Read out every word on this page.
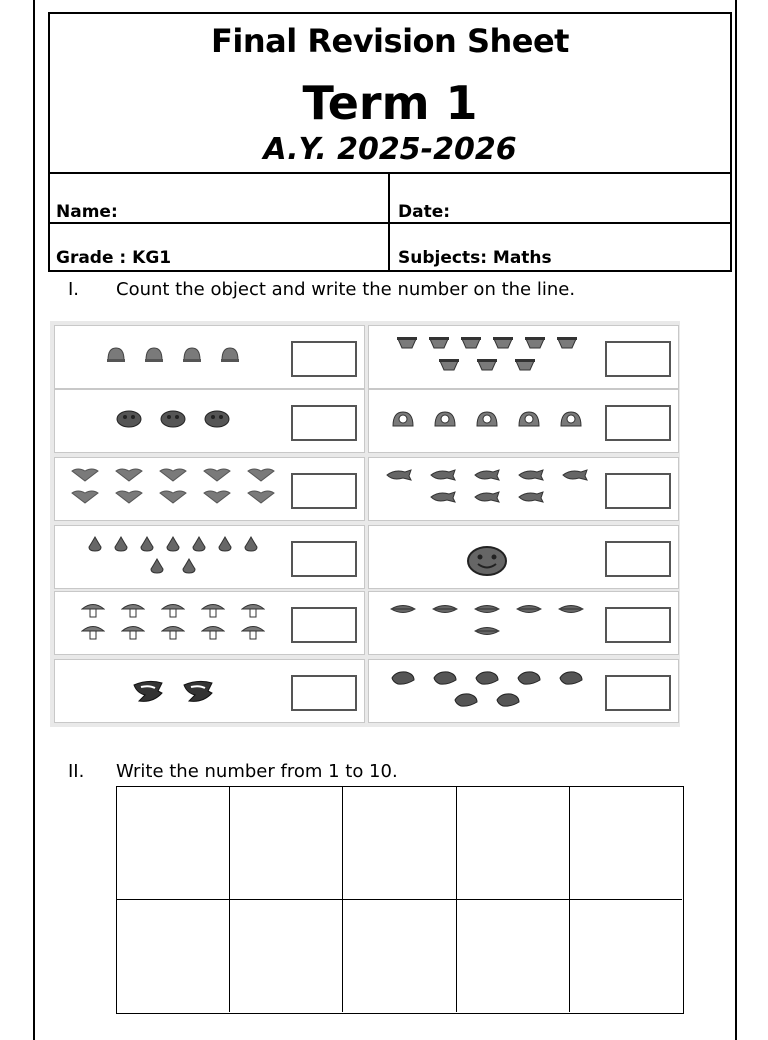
Final Revision Sheet
Term 1
A.Y. 2025-2026
Name:	Date:
Grade : KG1	Subjects: Maths
I. Count the object and write the number on the line.
II. Write the number from 1 to 10.
